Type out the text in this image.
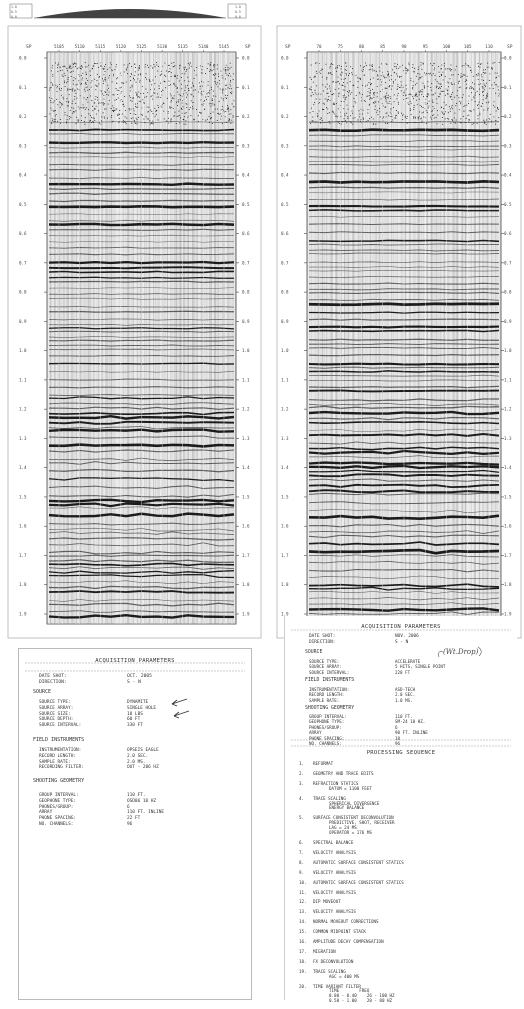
0.0	0.0
0.1	0.1
0.2	0.2
0.3	0.3
0.4	0.4
0.5	0.5
0.6	0.6
0.7	0.7
0.8	0.8
0.9	0.9
1.0	1.0
1.1	1.1
1.2	1.2
1.3	1.3
1.4	1.4
1.5	1.5
1.6	1.6
1.7	1.7
1.8	1.8
1.9	1.9
5105	5110	5115	5120	5125	5130	5135	5140	5145
SP	SP
1.0	1.0
0.5	0.5
0.0	0.0
0.0	0.0
0.1	0.1
0.2	0.2
0.3	0.3
0.4	0.4
0.5	0.5
0.6	0.6
0.7	0.7
0.8	0.8
0.9	0.9
1.0	1.0
1.1	1.1
1.2	1.2
1.3	1.3
1.4	1.4
1.5	1.5
1.6	1.6
1.7	1.7
1.8	1.8
1.9	1.9
70	75	80	85	90	95	100	105	110
SP	SP
ACQUISITION PARAMETERS
DATE SHOT:	OCT. 2005
DIRECTION:	S - N
SOURCE
SOURCE TYPE:	DYNAMITE
SOURCE ARRAY:	SINGLE HOLE
SOURCE SIZE:	10 LBS
SOURCE DEPTH:	60 FT
SOURCE INTERVAL:	330 FT
FIELD INSTRUMENTS
INSTRUMENTATION:	OPSEIS EAGLE
RECORD LENGTH:	2.0 SEC.
SAMPLE RATE:	2.0 MS.
RECORDING FILTER:	OUT - 206 HZ
SHOOTING GEOMETRY
GROUP INTERVAL:	110 FT.
GEOPHONE TYPE:	OSD06 10 HZ
PHONES/GROUP:	6
ARRAY	110 FT. INLINE
PHONE SPACING:	22 FT
NO. CHANNELS:	96
ACQUISITION PARAMETERS
DATE SHOT:	NOV. 2006
DIRECTION:	S - N
SOURCE
SOURCE TYPE:	ACCELERATE
SOURCE ARRAY:	5 HITS, SINGLE POINT
SOURCE INTERVAL:	220 FT
(Wt.Drop)
FIELD INSTRUMENTS
INSTRUMENTATION:	ASD-TECH
RECORD LENGTH:	2.0 SEC.
SAMPLE RATE:	1.0 MS.
SHOOTING GEOMETRY
GROUP INTERVAL:	110 FT.
GEOPHONE TYPE:	SM-24 10 HZ.
PHONES/GROUP:	6
ARRAY	90 FT. INLINE
PHONE SPACING:	18
NO. CHANNELS:	96
PROCESSING SEQUENCE
1. REFORMAT
2. GEOMETRY AND TRACE EDITS
3. REFRACTION STATICS
DATUM = 1100 FEET
4. TRACE SCALING
SPHERICAL DIVERGENCE
ENERGY BALANCE
5. SURFACE CONSISTENT DECONVOLUTION
PREDICTIVE, SHOT, RECEIVER
LAG = 24 MS
OPERATOR = 176 MS
6. SPECTRAL BALANCE
7. VELOCITY ANALYSIS
8. AUTOMATIC SURFACE CONSISTENT STATICS
9. VELOCITY ANALYSIS
10. AUTOMATIC SURFACE CONSISTENT STATICS
11. VELOCITY ANALYSIS
12. DIP MOVEOUT
13. VELOCITY ANALYSIS
14. NORMAL MOVEOUT CORRECTIONS
15. COMMON MIDPOINT STACK
16. AMPLITUDE DECAY COMPENSATION
17. MIGRATION
18. FX DECONVOLUTION
19. TRACE SCALING
AGC = 400 MS
20. TIME VARIANT FILTER
TIME        FREQ
0.00 - 0.40    26 - 100 HZ
0.50 - 1.00    20 - 80 HZ
